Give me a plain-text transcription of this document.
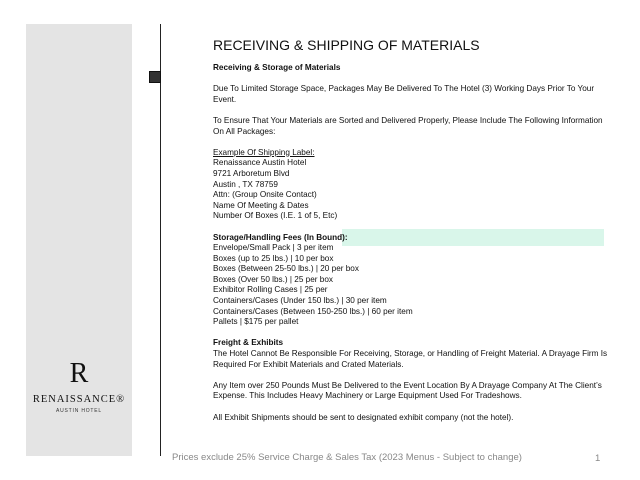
R
RENAISSANCE®
AUSTIN HOTEL
RECEIVING & SHIPPING OF MATERIALS

Receiving & Storage of Materials

Due To Limited Storage Space, Packages May Be Delivered To The Hotel (3) Working Days Prior To Your Event.

To Ensure That Your Materials are Sorted and Delivered Properly, Please Include The Following Information On All Packages:

Example Of Shipping Label:

Renaissance Austin Hotel

9721 Arboretum Blvd

Austin , TX 78759

Attn: (Group Onsite Contact)

Name Of Meeting & Dates

Number Of Boxes (I.E. 1 of 5, Etc)

Storage/Handling Fees (In Bound):

Envelope/Small Pack | 3 per item

Boxes (up to 25 lbs.) | 10 per box

Boxes (Between 25-50 lbs.) | 20 per box

Boxes (Over 50 lbs.) | 25 per box

Exhibitor Rolling Cases | 25 per

Containers/Cases (Under 150 lbs.) | 30 per item

Containers/Cases (Between 150-250 lbs.) | 60 per item

Pallets | $175 per pallet

Freight & Exhibits

The Hotel Cannot Be Responsible For Receiving, Storage, or Handling of Freight Material. A Drayage Firm Is Required For Exhibit Materials and Crated Materials.

Any Item over 250 Pounds Must Be Delivered to the Event Location By A Drayage Company At The Client’s Expense. This Includes Heavy Machinery or Large Equipment Used For Tradeshows.

All Exhibit Shipments should be sent to designated exhibit company (not the hotel).

Prices exclude 25% Service Charge & Sales Tax (2023 Menus - Subject to change)	1
